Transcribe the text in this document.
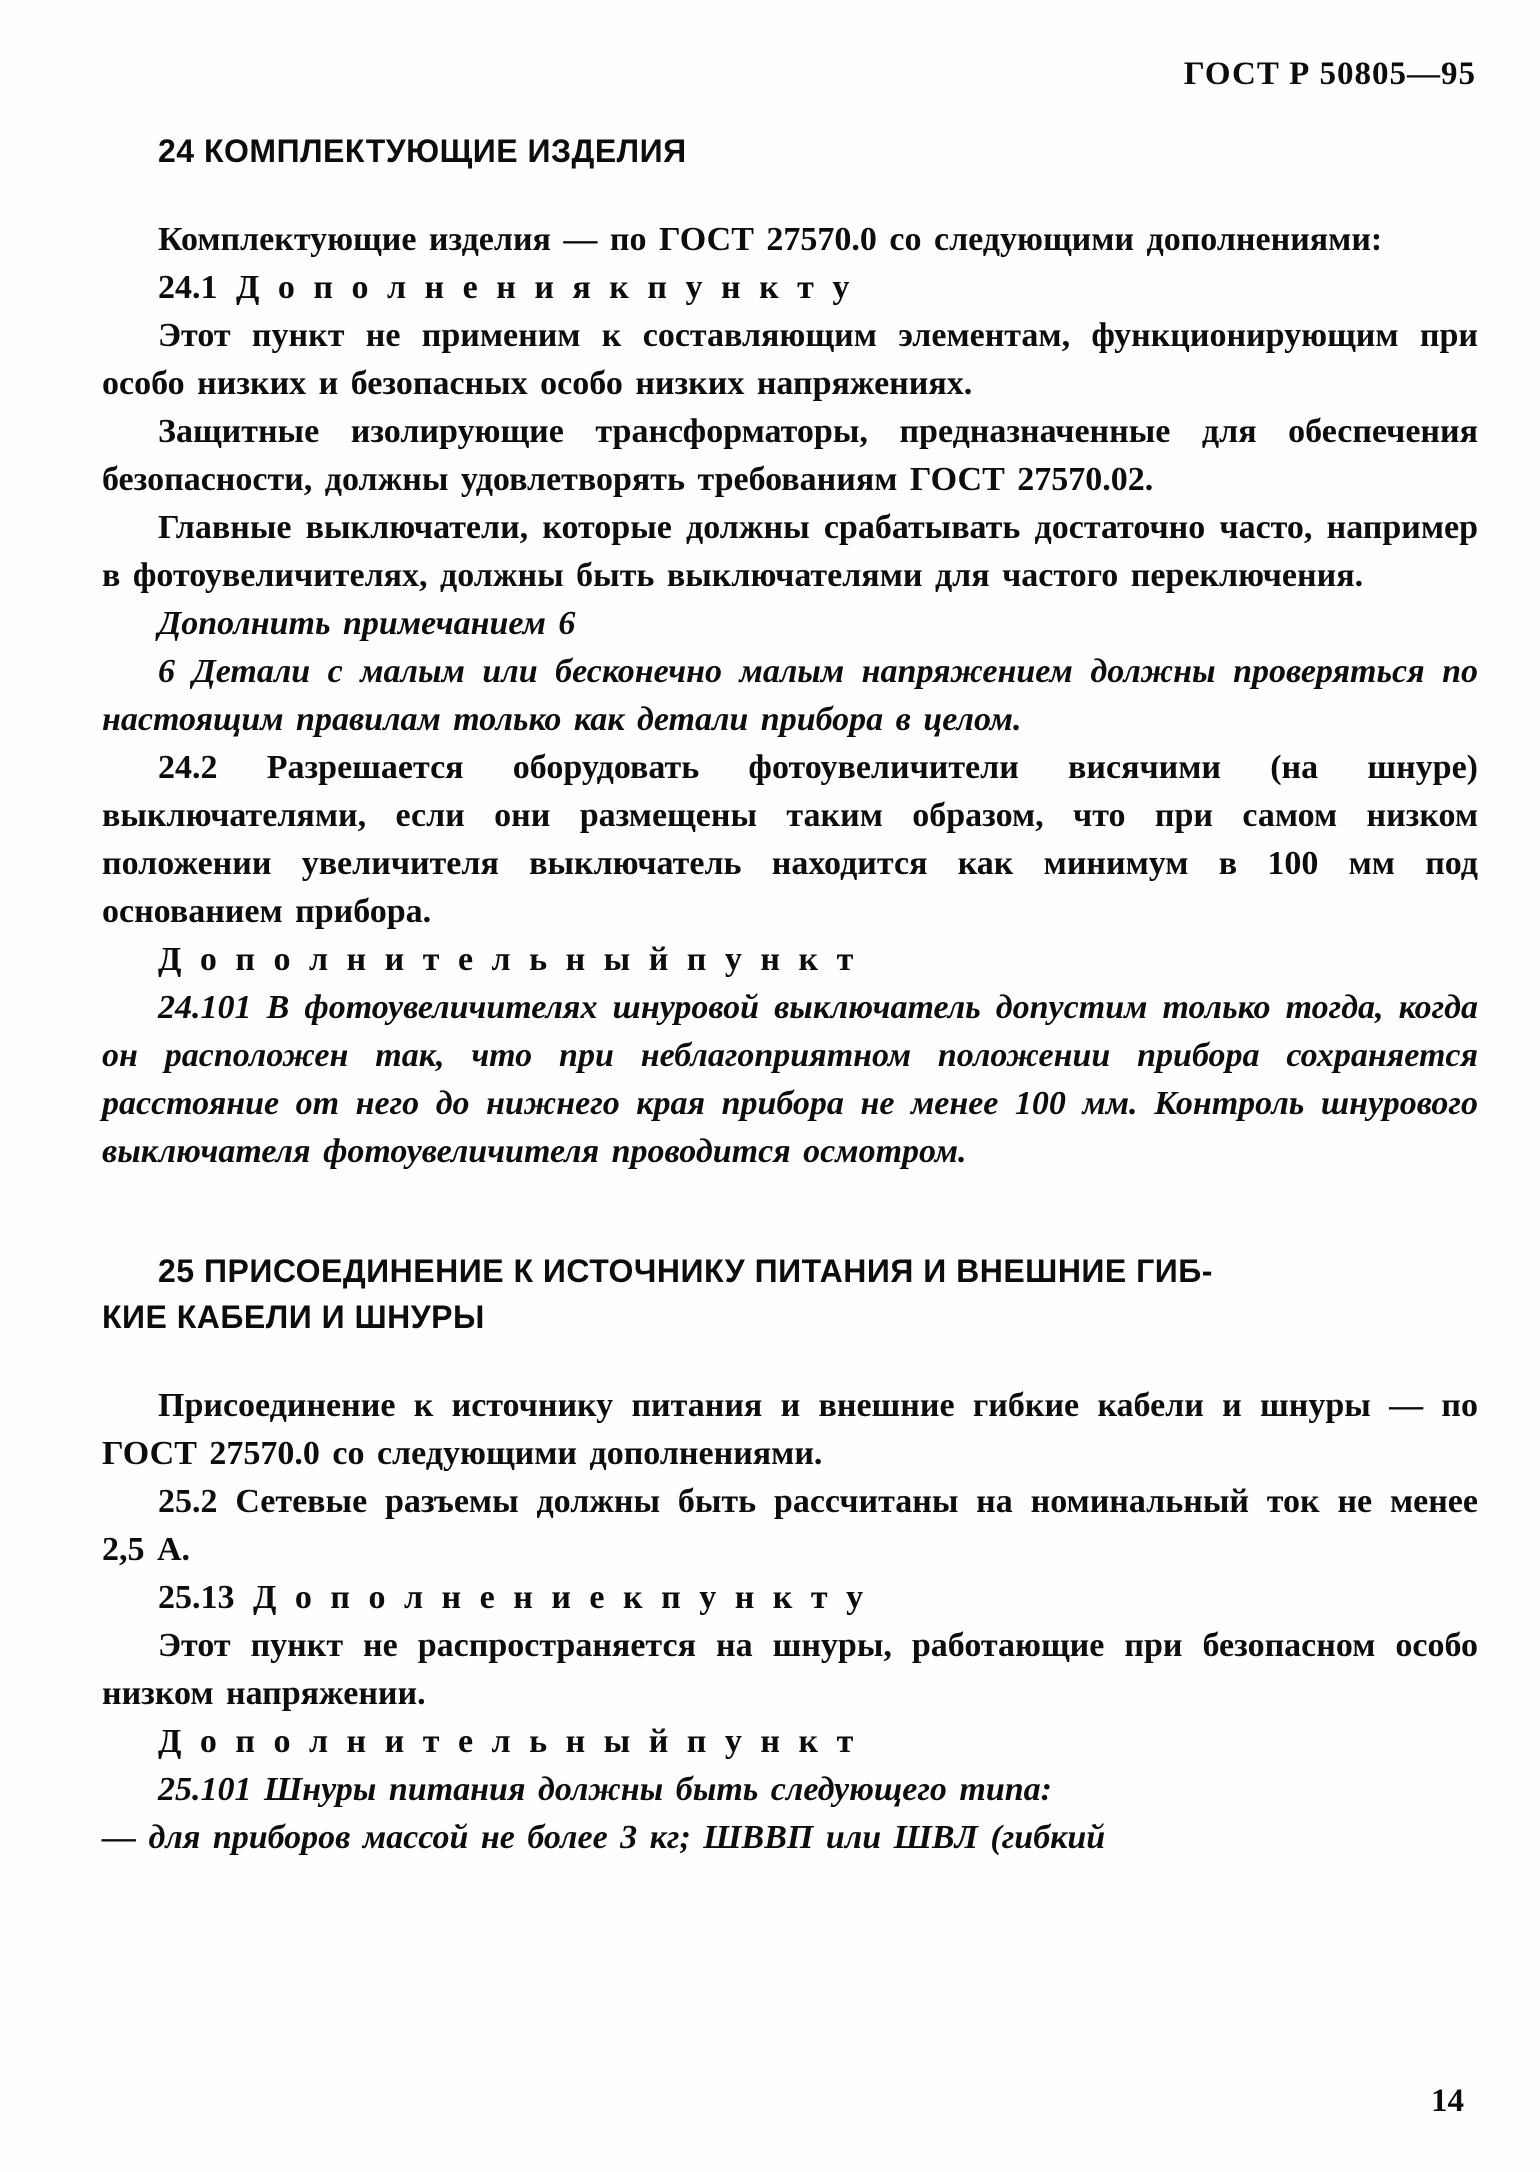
ГОСТ Р 50805—95
24 КОМПЛЕКТУЮЩИЕ ИЗДЕЛИЯ

Комплектующие изделия — по ГОСТ 27570.0 со следующими дополнениями:

24.1 Д о п о л н е н и я к п у н к т у

Этот пункт не применим к составляющим элементам, функционирующим при особо низких и безопасных особо низких напряжениях.

Защитные изолирующие трансформаторы, предназначенные для обеспечения безопасности, должны удовлетворять требованиям ГОСТ 27570.02.

Главные выключатели, которые должны срабатывать достаточно часто, например в фотоувеличителях, должны быть выключателями для частого переключения.

Дополнить примечанием 6

6 Детали с малым или бесконечно малым напряжением должны проверяться по настоящим правилам только как детали прибора в целом.

24.2 Разрешается оборудовать фотоувеличители висячими (на шнуре) выключателями, если они размещены таким образом, что при самом низком положении увеличителя выключатель находится как минимум в 100 мм под основанием прибора.

Д о п о л н и т е л ь н ы й п у н к т

24.101 В фотоувеличителях шнуровой выключатель допустим только тогда, когда он расположен так, что при неблагоприятном положении прибора сохраняется расстояние от него до нижнего края прибора не менее 100 мм. Контроль шнурового выключателя фотоувеличителя проводится осмотром.

25 ПРИСОЕДИНЕНИЕ К ИСТОЧНИКУ ПИТАНИЯ И ВНЕШНИЕ ГИБ-
КИЕ КАБЕЛИ И ШНУРЫ

Присоединение к источнику питания и внешние гибкие кабели и шнуры — по ГОСТ 27570.0 со следующими дополнениями.

25.2 Сетевые разъемы должны быть рассчитаны на номинальный ток не менее 2,5 А.

25.13 Д о п о л н е н и е к п у н к т у

Этот пункт не распространяется на шнуры, работающие при безопасном особо низком напряжении.

Д о п о л н и т е л ь н ы й п у н к т

25.101 Шнуры питания должны быть следующего типа:

— для приборов массой не более 3 кг; ШВВП или ШВЛ (гибкий

14
